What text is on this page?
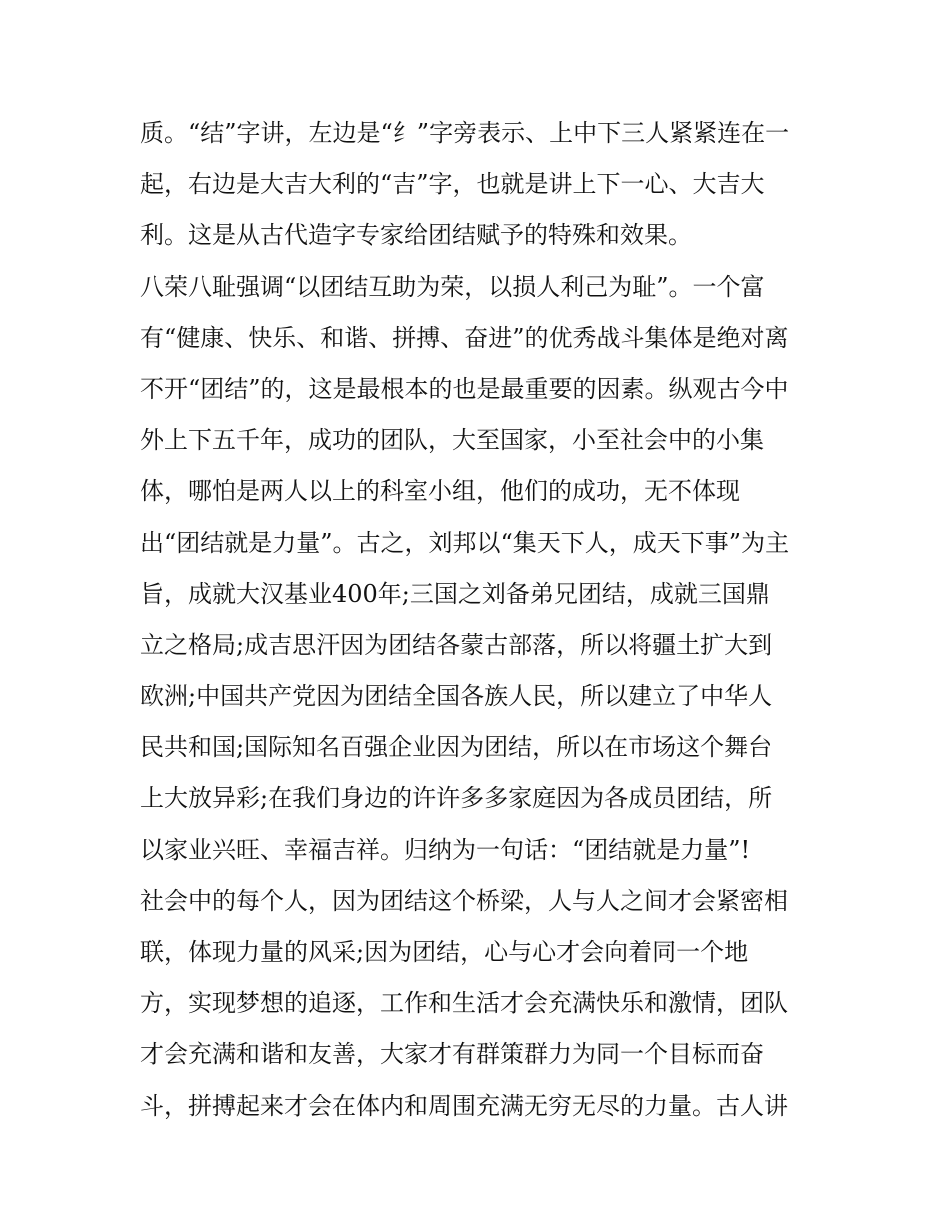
质。“结”字讲，左边是“纟”字旁表示、上中下三人紧紧连在一
起，右边是大吉大利的“吉”字，也就是讲上下一心、大吉大
利。这是从古代造字专家给团结赋予的特殊和效果。
八荣八耻强调“以团结互助为荣，以损人利己为耻”。一个富
有“健康、快乐、和谐、拼搏、奋进”的优秀战斗集体是绝对离
不开“团结”的，这是最根本的也是最重要的因素。纵观古今中
外上下五千年，成功的团队，大至国家，小至社会中的小集
体，哪怕是两人以上的科室小组，他们的成功，无不体现
出“团结就是力量”。古之，刘邦以“集天下人，成天下事”为主
旨，成就大汉基业400年;三国之刘备弟兄团结，成就三国鼎
立之格局;成吉思汗因为团结各蒙古部落，所以将疆土扩大到
欧洲;中国共产党因为团结全国各族人民，所以建立了中华人
民共和国;国际知名百强企业因为团结，所以在市场这个舞台
上大放异彩;在我们身边的许许多多家庭因为各成员团结，所
以家业兴旺、幸福吉祥。归纳为一句话：“团结就是力量”!
社会中的每个人，因为团结这个桥梁，人与人之间才会紧密相
联，体现力量的风采;因为团结，心与心才会向着同一个地
方，实现梦想的追逐，工作和生活才会充满快乐和激情，团队
才会充满和谐和友善，大家才有群策群力为同一个目标而奋
斗，拼搏起来才会在体内和周围充满无穷无尽的力量。古人讲
